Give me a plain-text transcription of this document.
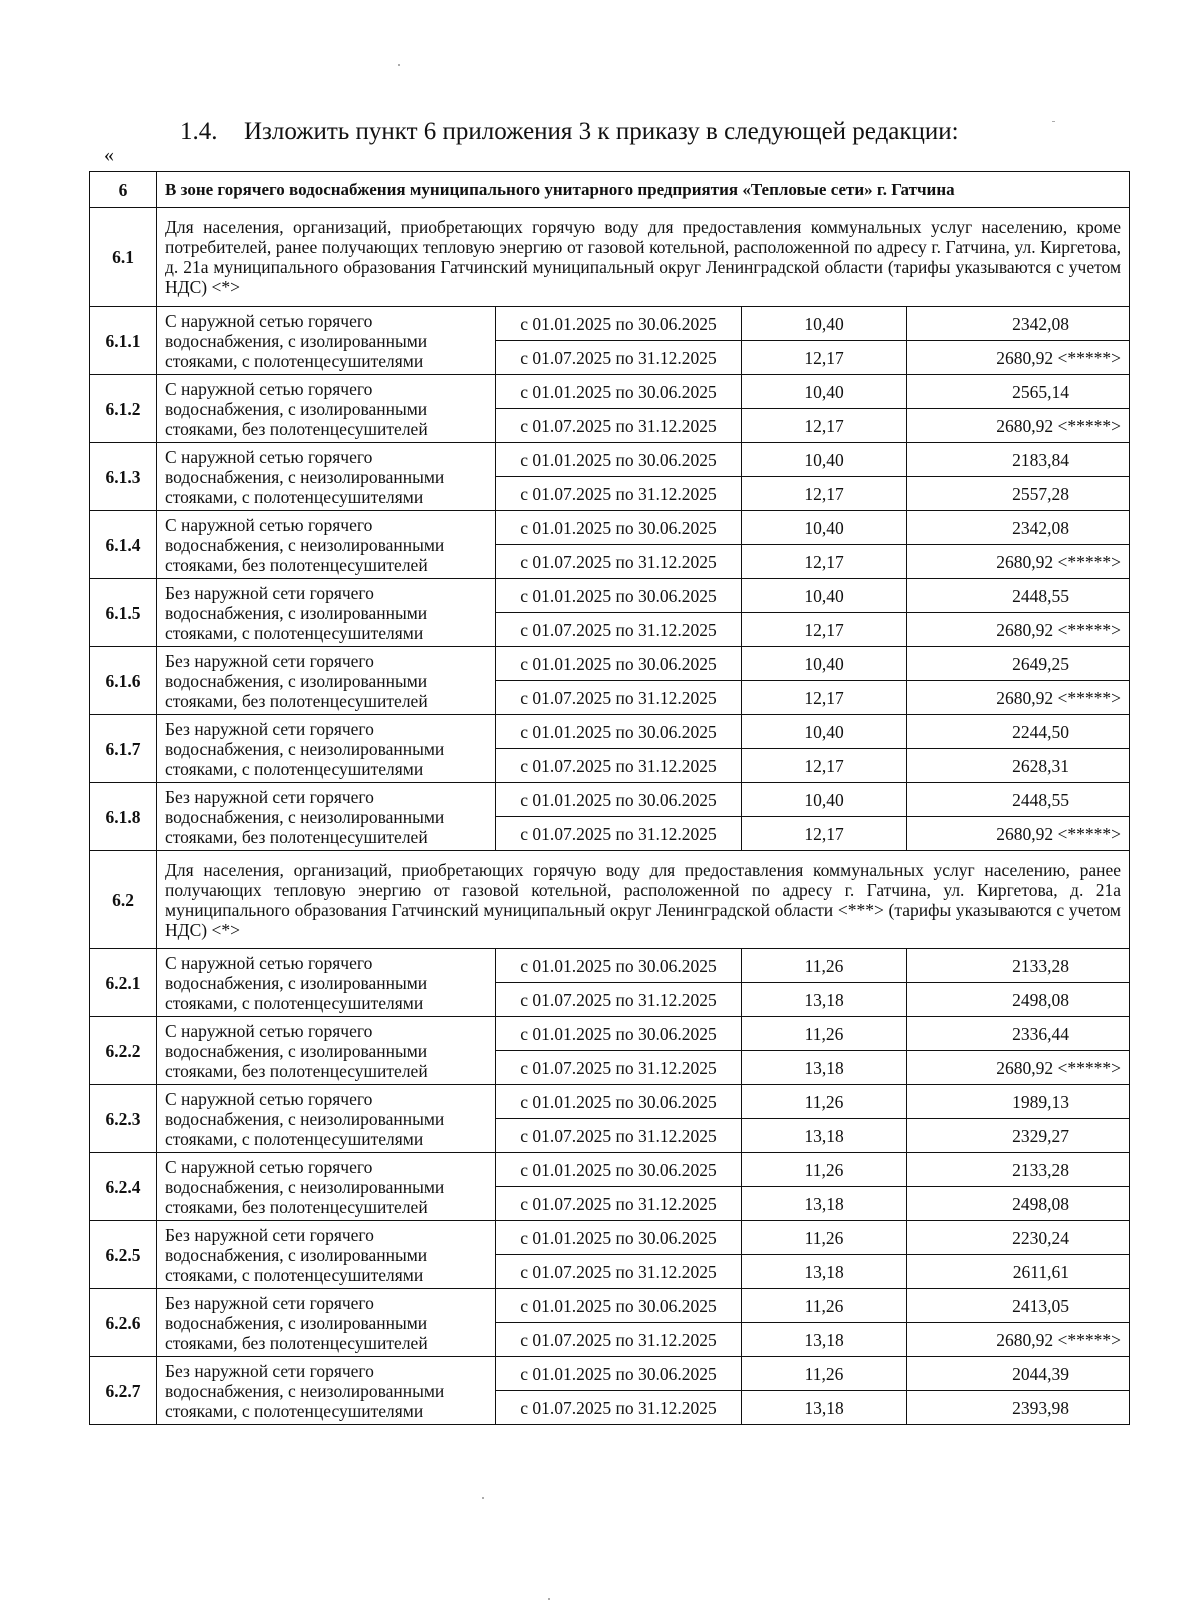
1.4. Изложить пункт 6 приложения 3 к приказу в следующей редакции:
«
6	В зоне горячего водоснабжения муниципального унитарного предприятия «Тепловые сети» г. Гатчина			
6.1	Для населения, организаций, приобретающих горячую воду для предоставления коммунальных услуг населению, кроме потребителей, ранее получающих тепловую энергию от газовой котельной, расположенной по адресу г. Гатчина, ул. Киргетова, д. 21а муниципального образования Гатчинский муниципальный округ Ленинградской области (тарифы указываются с учетом НДС) <*>			
6.1.1	С наружной сетью горячего водоснабжения, с изолированными стояками, с полотенцесушителями	с 01.01.2025 по 30.06.2025	10,40	2342,08
		с 01.07.2025 по 31.12.2025	12,17	2680,92 <*****>
6.1.2	С наружной сетью горячего водоснабжения, с изолированными стояками, без полотенцесушителей	с 01.01.2025 по 30.06.2025	10,40	2565,14
		с 01.07.2025 по 31.12.2025	12,17	2680,92 <*****>
6.1.3	С наружной сетью горячего водоснабжения, с неизолированными стояками, с полотенцесушителями	с 01.01.2025 по 30.06.2025	10,40	2183,84
		с 01.07.2025 по 31.12.2025	12,17	2557,28
6.1.4	С наружной сетью горячего водоснабжения, с неизолированными стояками, без полотенцесушителей	с 01.01.2025 по 30.06.2025	10,40	2342,08
		с 01.07.2025 по 31.12.2025	12,17	2680,92 <*****>
6.1.5	Без наружной сети горячего водоснабжения, с изолированными стояками, с полотенцесушителями	с 01.01.2025 по 30.06.2025	10,40	2448,55
		с 01.07.2025 по 31.12.2025	12,17	2680,92 <*****>
6.1.6	Без наружной сети горячего водоснабжения, с изолированными стояками, без полотенцесушителей	с 01.01.2025 по 30.06.2025	10,40	2649,25
		с 01.07.2025 по 31.12.2025	12,17	2680,92 <*****>
6.1.7	Без наружной сети горячего водоснабжения, с неизолированными стояками, с полотенцесушителями	с 01.01.2025 по 30.06.2025	10,40	2244,50
		с 01.07.2025 по 31.12.2025	12,17	2628,31
6.1.8	Без наружной сети горячего водоснабжения, с неизолированными стояками, без полотенцесушителей	с 01.01.2025 по 30.06.2025	10,40	2448,55
		с 01.07.2025 по 31.12.2025	12,17	2680,92 <*****>
6.2	Для населения, организаций, приобретающих горячую воду для предоставления коммунальных услуг населению, ранее получающих тепловую энергию от газовой котельной, расположенной по адресу г. Гатчина, ул. Киргетова, д. 21а муниципального образования Гатчинский муниципальный округ Ленинградской области <***> (тарифы указываются с учетом НДС) <*>			
6.2.1	С наружной сетью горячего водоснабжения, с изолированными стояками, с полотенцесушителями	с 01.01.2025 по 30.06.2025	11,26	2133,28
		с 01.07.2025 по 31.12.2025	13,18	2498,08
6.2.2	С наружной сетью горячего водоснабжения, с изолированными стояками, без полотенцесушителей	с 01.01.2025 по 30.06.2025	11,26	2336,44
		с 01.07.2025 по 31.12.2025	13,18	2680,92 <*****>
6.2.3	С наружной сетью горячего водоснабжения, с неизолированными стояками, с полотенцесушителями	с 01.01.2025 по 30.06.2025	11,26	1989,13
		с 01.07.2025 по 31.12.2025	13,18	2329,27
6.2.4	С наружной сетью горячего водоснабжения, с неизолированными стояками, без полотенцесушителей	с 01.01.2025 по 30.06.2025	11,26	2133,28
		с 01.07.2025 по 31.12.2025	13,18	2498,08
6.2.5	Без наружной сети горячего водоснабжения, с изолированными стояками, с полотенцесушителями	с 01.01.2025 по 30.06.2025	11,26	2230,24
		с 01.07.2025 по 31.12.2025	13,18	2611,61
6.2.6	Без наружной сети горячего водоснабжения, с изолированными стояками, без полотенцесушителей	с 01.01.2025 по 30.06.2025	11,26	2413,05
		с 01.07.2025 по 31.12.2025	13,18	2680,92 <*****>
6.2.7	Без наружной сети горячего водоснабжения, с неизолированными стояками, с полотенцесушителями	с 01.01.2025 по 30.06.2025	11,26	2044,39
		с 01.07.2025 по 31.12.2025	13,18	2393,98
